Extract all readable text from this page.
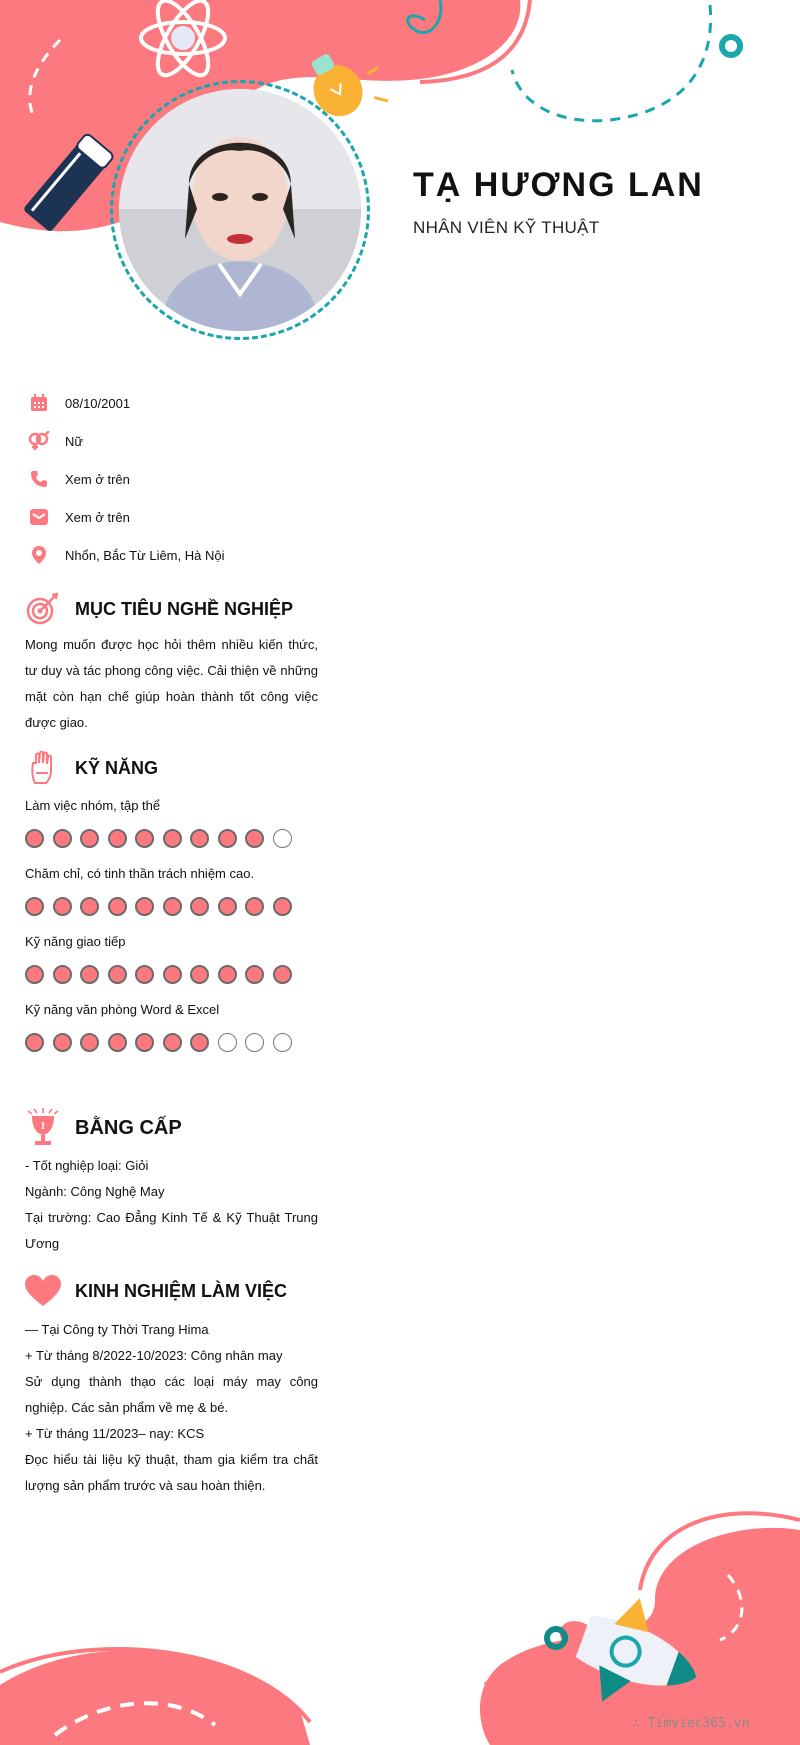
TẠ HƯƠNG LAN
NHÂN VIÊN KỸ THUẬT
08/10/2001
Nữ
Xem ở trên
Xem ở trên
Nhổn, Bắc Từ Liêm, Hà Nội
MỤC TIÊU NGHỀ NGHIỆP
Mong muốn được học hỏi thêm nhiều kiến thức, tư duy và tác phong công việc. Cải thiện về những mặt còn hạn chế giúp hoàn thành tốt công việc được giao.
KỸ NĂNG
Làm việc nhóm, tập thể
Chăm chỉ, có tinh thần trách nhiệm cao.
Kỹ năng giao tiếp
Kỹ năng văn phòng Word & Excel
1 BẰNG CẤP
- Tốt nghiệp loại: Giỏi
Ngành: Công Nghệ May
Tại trường: Cao Đẳng Kinh Tế & Kỹ Thuật Trung Ương
KINH NGHIỆM LÀM VIỆC
— Tại Công ty Thời Trang Hima
+ Từ tháng 8/2022-10/2023: Công nhân may
Sử dụng thành thạo các loại máy may công nghiệp. Các sản phẩm về mẹ & bé.
+ Từ tháng 11/2023– nay: KCS
Đọc hiểu tài liệu kỹ thuật, tham gia kiểm tra chất lượng sản phẩm trước và sau hoàn thiện.
∴ Timviec365.vn
